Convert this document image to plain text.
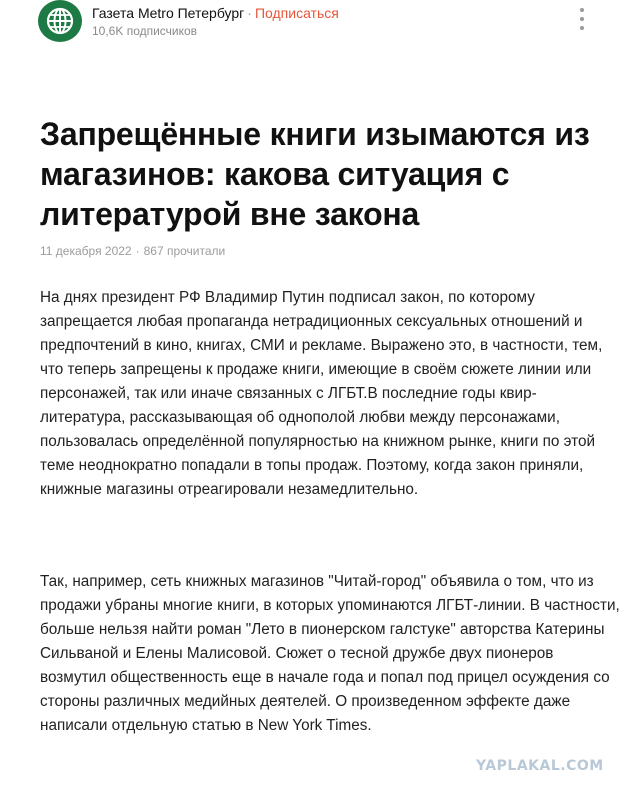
Газета Metro Петербург · Подписаться
10,6K подписчиков
Запрещённые книги изымаются из магазинов: какова ситуация с литературой вне закона
11 декабря 2022 · 867 прочитали

На днях президент РФ Владимир Путин подписал закон, по которому запрещается любая пропаганда нетрадиционных сексуальных отношений и предпочтений в кино, книгах, СМИ и рекламе. Выражено это, в частности, тем, что теперь запрещены к продаже книги, имеющие в своём сюжете линии или персонажей, так или иначе связанных с ЛГБТ.В последние годы квир-литература, рассказывающая об однополой любви между персонажами, пользовалась определённой популярностью на книжном рынке, книги по этой теме неоднократно попадали в топы продаж. Поэтому, когда закон приняли, книжные магазины отреагировали незамедлительно.

Так, например, сеть книжных магазинов "Читай-город" объявила о том, что из продажи убраны многие книги, в которых упоминаются ЛГБТ-линии. В частности, больше нельзя найти роман "Лето в пионерском галстуке" авторства Катерины Сильваной и Елены Малисовой. Сюжет о тесной дружбе двух пионеров возмутил общественность еще в начале года и попал под прицел осуждения со стороны различных медийных деятелей. О произведенном эффекте даже написали отдельную статью в New York Times.

YAPLAKAL.COM
